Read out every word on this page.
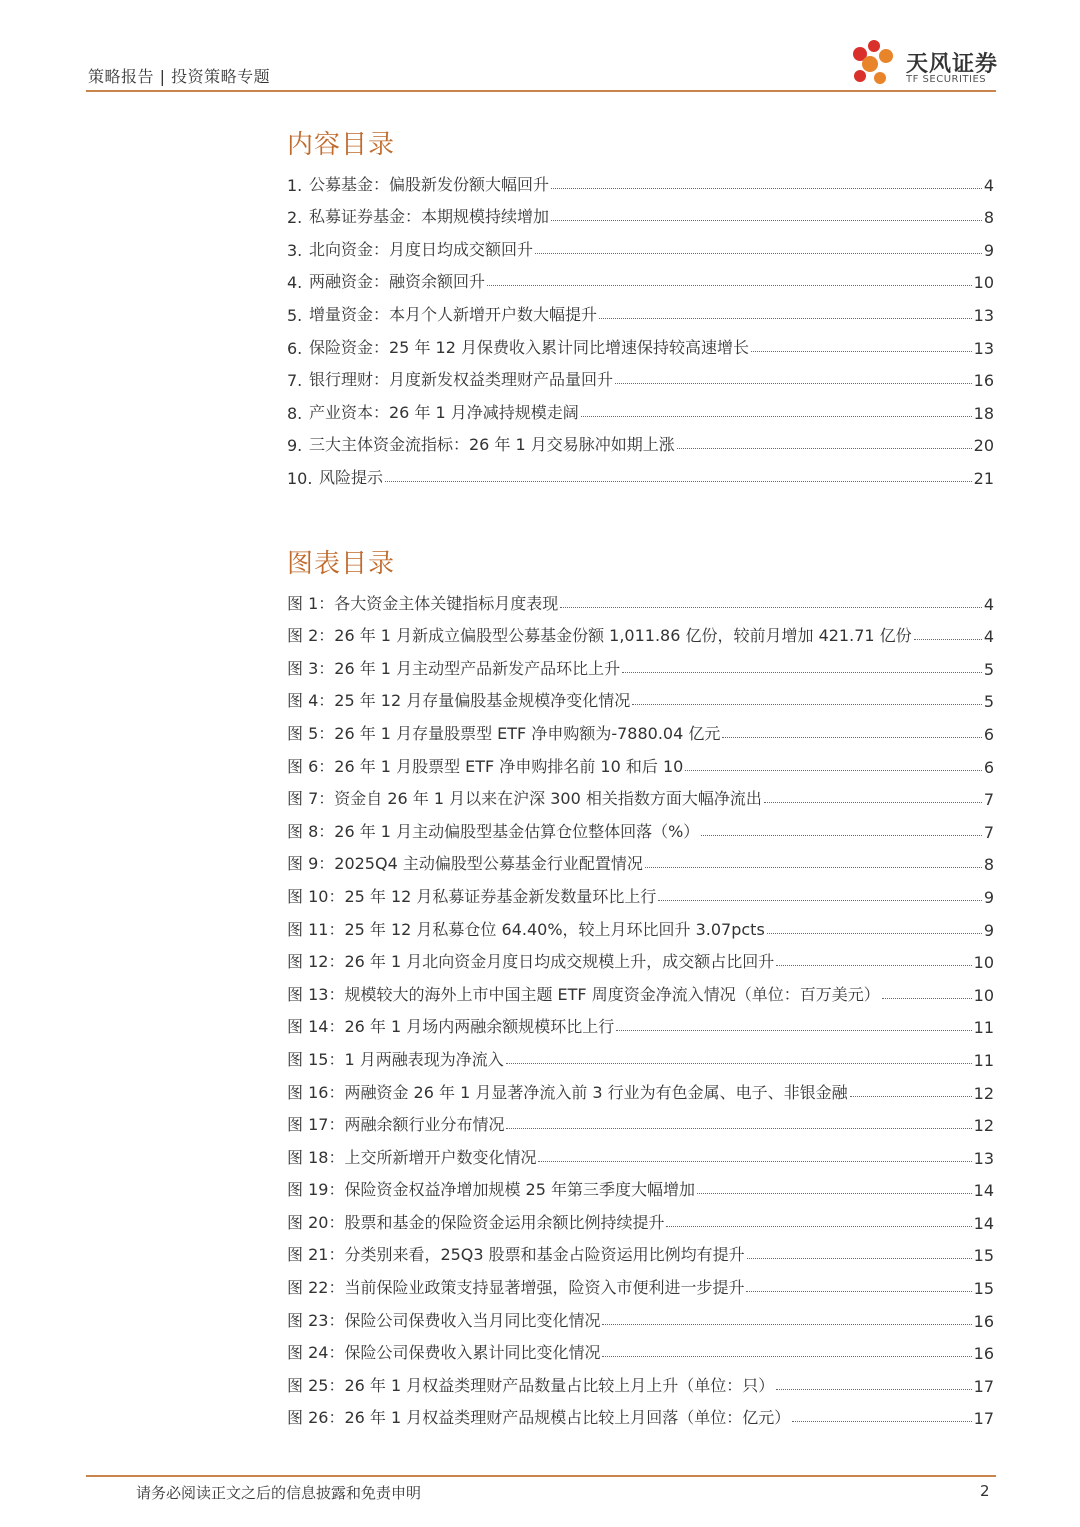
策略报告 | 投资策略专题	天风证券
TF SECURITIES
内容目录
1. 公募基金：偏股新发份额大幅回升	4
2. 私募证券基金：本期规模持续增加	8
3. 北向资金：月度日均成交额回升	9
4. 两融资金：融资余额回升	10
5. 增量资金：本月个人新增开户数大幅提升	13
6. 保险资金：25 年 12 月保费收入累计同比增速保持较高速增长	13
7. 银行理财：月度新发权益类理财产品量回升	16
8. 产业资本：26 年 1 月净减持规模走阔	18
9. 三大主体资金流指标：26 年 1 月交易脉冲如期上涨	20
10. 风险提示	21
图表目录
图 1：各大资金主体关键指标月度表现	4
图 2：26 年 1 月新成立偏股型公募基金份额 1,011.86 亿份，较前月增加 421.71 亿份	4
图 3：26 年 1 月主动型产品新发产品环比上升	5
图 4：25 年 12 月存量偏股基金规模净变化情况	5
图 5：26 年 1 月存量股票型 ETF 净申购额为-7880.04 亿元	6
图 6：26 年 1 月股票型 ETF 净申购排名前 10 和后 10	6
图 7：资金自 26 年 1 月以来在沪深 300 相关指数方面大幅净流出	7
图 8：26 年 1 月主动偏股型基金估算仓位整体回落（%）	7
图 9：2025Q4 主动偏股型公募基金行业配置情况	8
图 10：25 年 12 月私募证券基金新发数量环比上行	9
图 11：25 年 12 月私募仓位 64.40%，较上月环比回升 3.07pcts	9
图 12：26 年 1 月北向资金月度日均成交规模上升，成交额占比回升	10
图 13：规模较大的海外上市中国主题 ETF 周度资金净流入情况（单位：百万美元）	10
图 14：26 年 1 月场内两融余额规模环比上行	11
图 15：1 月两融表现为净流入	11
图 16：两融资金 26 年 1 月显著净流入前 3 行业为有色金属、电子、非银金融	12
图 17：两融余额行业分布情况	12
图 18：上交所新增开户数变化情况	13
图 19：保险资金权益净增加规模 25 年第三季度大幅增加	14
图 20：股票和基金的保险资金运用余额比例持续提升	14
图 21：分类别来看，25Q3 股票和基金占险资运用比例均有提升	15
图 22：当前保险业政策支持显著增强，险资入市便利进一步提升	15
图 23：保险公司保费收入当月同比变化情况	16
图 24：保险公司保费收入累计同比变化情况	16
图 25：26 年 1 月权益类理财产品数量占比较上月上升（单位：只）	17
图 26：26 年 1 月权益类理财产品规模占比较上月回落（单位：亿元）	17
请务必阅读正文之后的信息披露和免责申明	2
